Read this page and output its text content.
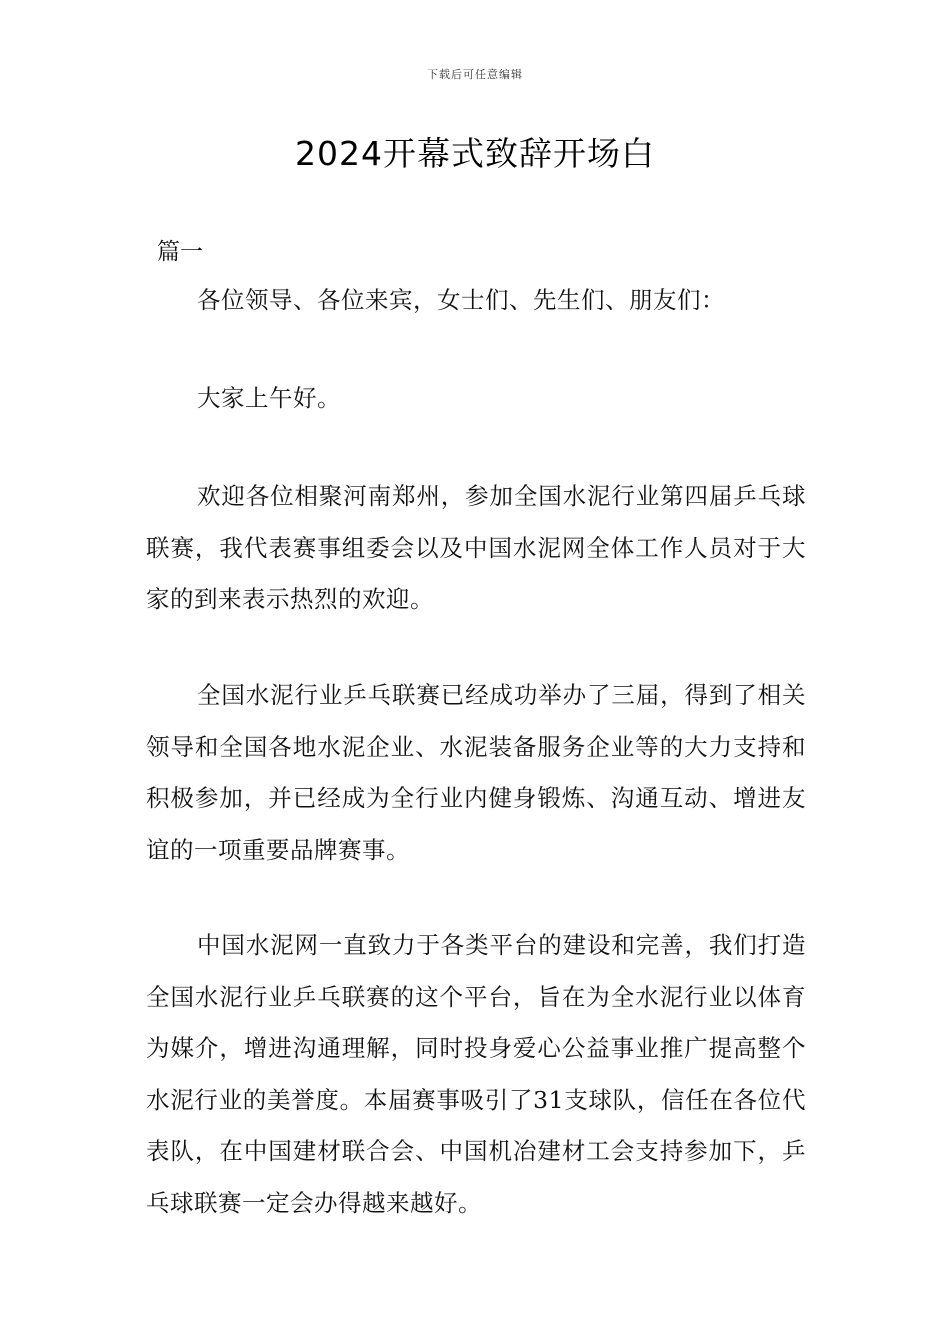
下载后可任意编辑
2024开幕式致辞开场白
篇一

各位领导、各位来宾，女士们、先生们、朋友们：

大家上午好。

欢迎各位相聚河南郑州，参加全国水泥行业第四届乒乓球联赛，我代表赛事组委会以及中国水泥网全体工作人员对于大家的到来表示热烈的欢迎。

全国水泥行业乒乓联赛已经成功举办了三届，得到了相关领导和全国各地水泥企业、水泥装备服务企业等的大力支持和积极参加，并已经成为全行业内健身锻炼、沟通互动、增进友谊的一项重要品牌赛事。

中国水泥网一直致力于各类平台的建设和完善，我们打造全国水泥行业乒乓联赛的这个平台，旨在为全水泥行业以体育为媒介，增进沟通理解，同时投身爱心公益事业推广提高整个水泥行业的美誉度。本届赛事吸引了31支球队，信任在各位代表队，在中国建材联合会、中国机冶建材工会支持参加下，乒乓球联赛一定会办得越来越好。
